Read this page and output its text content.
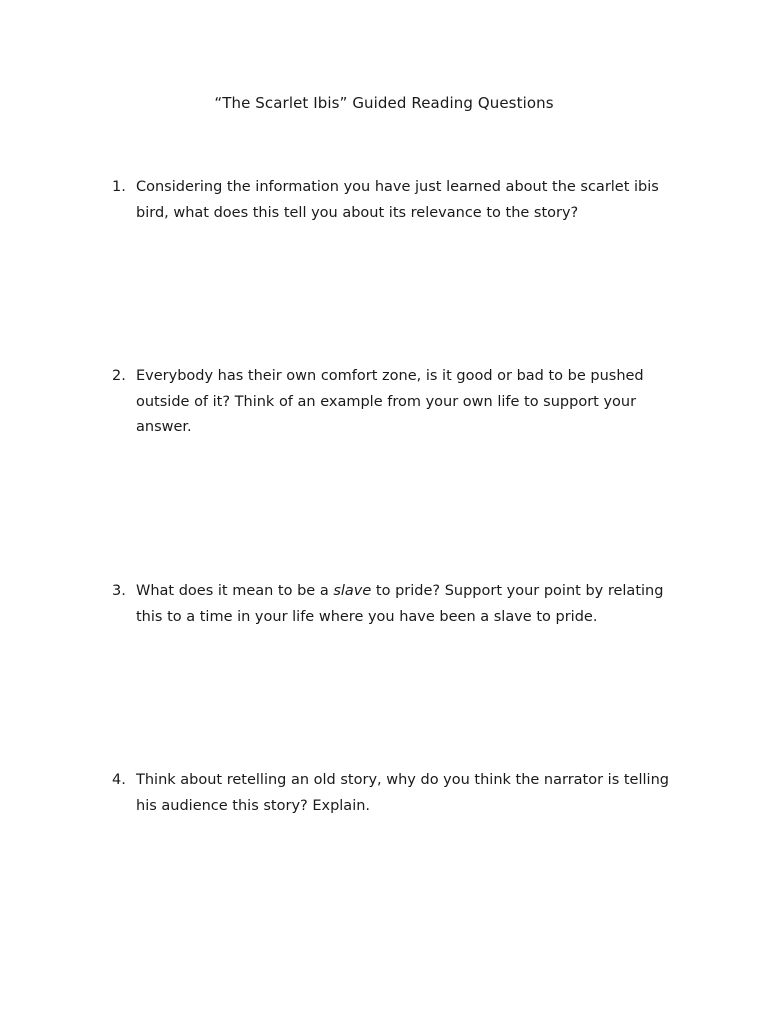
“The Scarlet Ibis” Guided Reading Questions
1. Considering the information you have just learned about the scarlet ibis bird, what does this tell you about its relevance to the story?
2. Everybody has their own comfort zone, is it good or bad to be pushed outside of it? Think of an example from your own life to support your answer.
3. What does it mean to be a slave to pride? Support your point by relating this to a time in your life where you have been a slave to pride.
4. Think about retelling an old story, why do you think the narrator is telling his audience this story? Explain.
